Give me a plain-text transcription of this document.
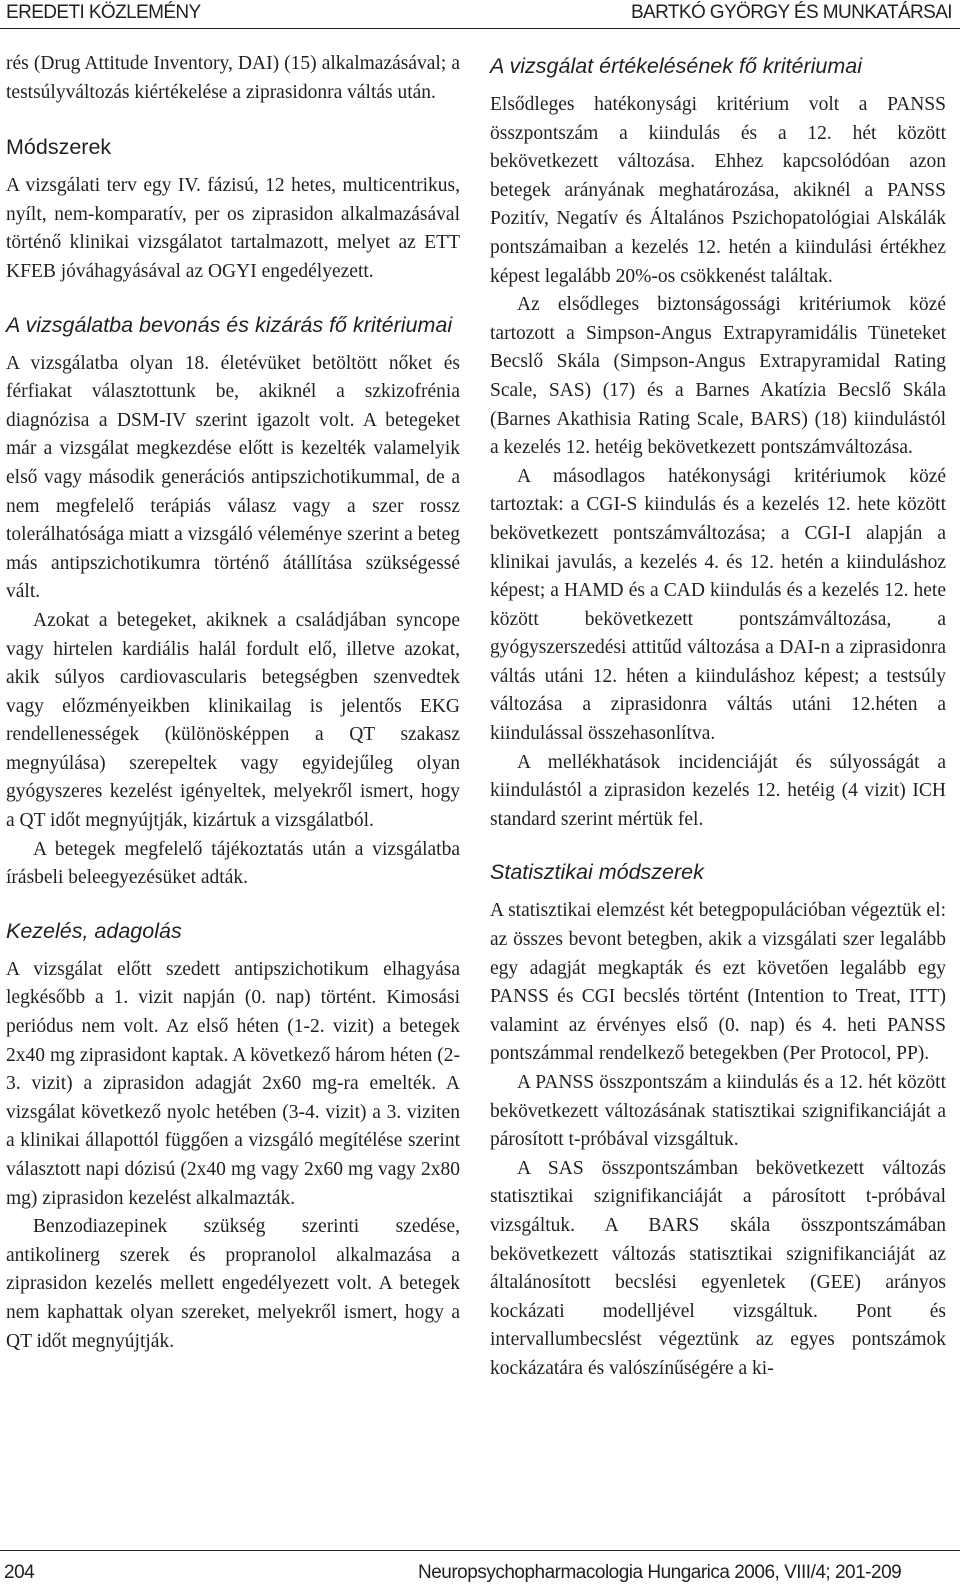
EREDETI KÖZLEMÉNY	BARTKÓ GYÖRGY ÉS MUNKATÁRSAI

rés (Drug Attitude Inventory, DAI) (15) alkalmazásával; a testsúlyváltozás kiértékelése a ziprasidonra váltás után.

Módszerek

A vizsgálati terv egy IV. fázisú, 12 hetes, multicentrikus, nyílt, nem-komparatív, per os ziprasidon alkalmazásával történő klinikai vizsgálatot tartalmazott, melyet az ETT KFEB jóváhagyásával az OGYI engedélyezett.

A vizsgálatba bevonás és kizárás fő kritériumai

A vizsgálatba olyan 18. életévüket betöltött nőket és férfiakat választottunk be, akiknél a szkizofrénia diagnózisa a DSM-IV szerint igazolt volt. A betegeket már a vizsgálat megkezdése előtt is kezelték valamelyik első vagy második generációs antipszichotikummal, de a nem megfelelő terápiás válasz vagy a szer rossz tolerálhatósága miatt a vizsgáló véleménye szerint a beteg más antipszichotikumra történő átállítása szükségessé vált.

Azokat a betegeket, akiknek a családjában syncope vagy hirtelen kardiális halál fordult elő, illetve azokat, akik súlyos cardiovascularis betegségben szenvedtek vagy előzményeikben klinikailag is jelentős EKG rendellenességek (különösképpen a QT szakasz megnyúlása) szerepeltek vagy egyidejűleg olyan gyógyszeres kezelést igényeltek, melyekről ismert, hogy a QT időt megnyújtják, kizártuk a vizsgálatból.

A betegek megfelelő tájékoztatás után a vizsgálatba írásbeli beleegyezésüket adták.

Kezelés, adagolás

A vizsgálat előtt szedett antipszichotikum elhagyása legkésőbb a 1. vizit napján (0. nap) történt. Kimosási periódus nem volt. Az első héten (1-2. vizit) a betegek 2x40 mg ziprasidont kaptak. A következő három héten (2-3. vizit) a ziprasidon adagját 2x60 mg-ra emelték. A vizsgálat következő nyolc hetében (3-4. vizit) a 3. viziten a klinikai állapottól függően a vizsgáló megítélése szerint választott napi dózisú (2x40 mg vagy 2x60 mg vagy 2x80 mg) ziprasidon kezelést alkalmazták.

Benzodiazepinek szükség szerinti szedése, antikolinerg szerek és propranolol alkalmazása a ziprasidon kezelés mellett engedélyezett volt. A betegek nem kaphattak olyan szereket, melyekről ismert, hogy a QT időt megnyújtják.

A vizsgálat értékelésének fő kritériumai

Elsődleges hatékonysági kritérium volt a PANSS összpontszám a kiindulás és a 12. hét között bekövetkezett változása. Ehhez kapcsolódóan azon betegek arányának meghatározása, akiknél a PANSS Pozitív, Negatív és Általános Pszichopatológiai Alskálák pontszámaiban a kezelés 12. hetén a kiindulási értékhez képest legalább 20%-os csökkenést találtak.

Az elsődleges biztonságossági kritériumok közé tartozott a Simpson-Angus Extrapyramidális Tüneteket Becslő Skála (Simpson-Angus Extrapyramidal Rating Scale, SAS) (17) és a Barnes Akatízia Becslő Skála (Barnes Akathisia Rating Scale, BARS) (18) kiindulástól a kezelés 12. hetéig bekövetkezett pontszámváltozása.

A másodlagos hatékonysági kritériumok közé tartoztak: a CGI-S kiindulás és a kezelés 12. hete között bekövetkezett pontszámváltozása; a CGI-I alapján a klinikai javulás, a kezelés 4. és 12. hetén a kiinduláshoz képest; a HAMD és a CAD kiindulás és a kezelés 12. hete között bekövetkezett pontszámváltozása, a gyógyszerszedési attitűd változása a DAI-n a ziprasidonra váltás utáni 12. héten a kiinduláshoz képest; a testsúly változása a ziprasidonra váltás utáni 12.héten a kiindulással összehasonlítva.

A mellékhatások incidenciáját és súlyosságát a kiindulástól a ziprasidon kezelés 12. hetéig (4 vizit) ICH standard szerint mértük fel.

Statisztikai módszerek

A statisztikai elemzést két betegpopulációban végeztük el: az összes bevont betegben, akik a vizsgálati szer legalább egy adagját megkapták és ezt követően legalább egy PANSS és CGI becslés történt (Intention to Treat, ITT) valamint az érvényes első (0. nap) és 4. heti PANSS pontszámmal rendelkező betegekben (Per Protocol, PP).

A PANSS összpontszám a kiindulás és a 12. hét között bekövetkezett változásának statisztikai szignifikanciáját a párosított t-próbával vizsgáltuk.

A SAS összpontszámban bekövetkezett változás statisztikai szignifikanciáját a párosított t-próbával vizsgáltuk. A BARS skála összpontszámában bekövetkezett változás statisztikai szignifikanciáját az általánosított becslési egyenletek (GEE) arányos kockázati modelljével vizsgáltuk. Pont és intervallumbecslést végeztünk az egyes pontszámok kockázatára és valószínűségére a ki-

204	Neuropsychopharmacologia Hungarica 2006, VIII/4; 201-209
